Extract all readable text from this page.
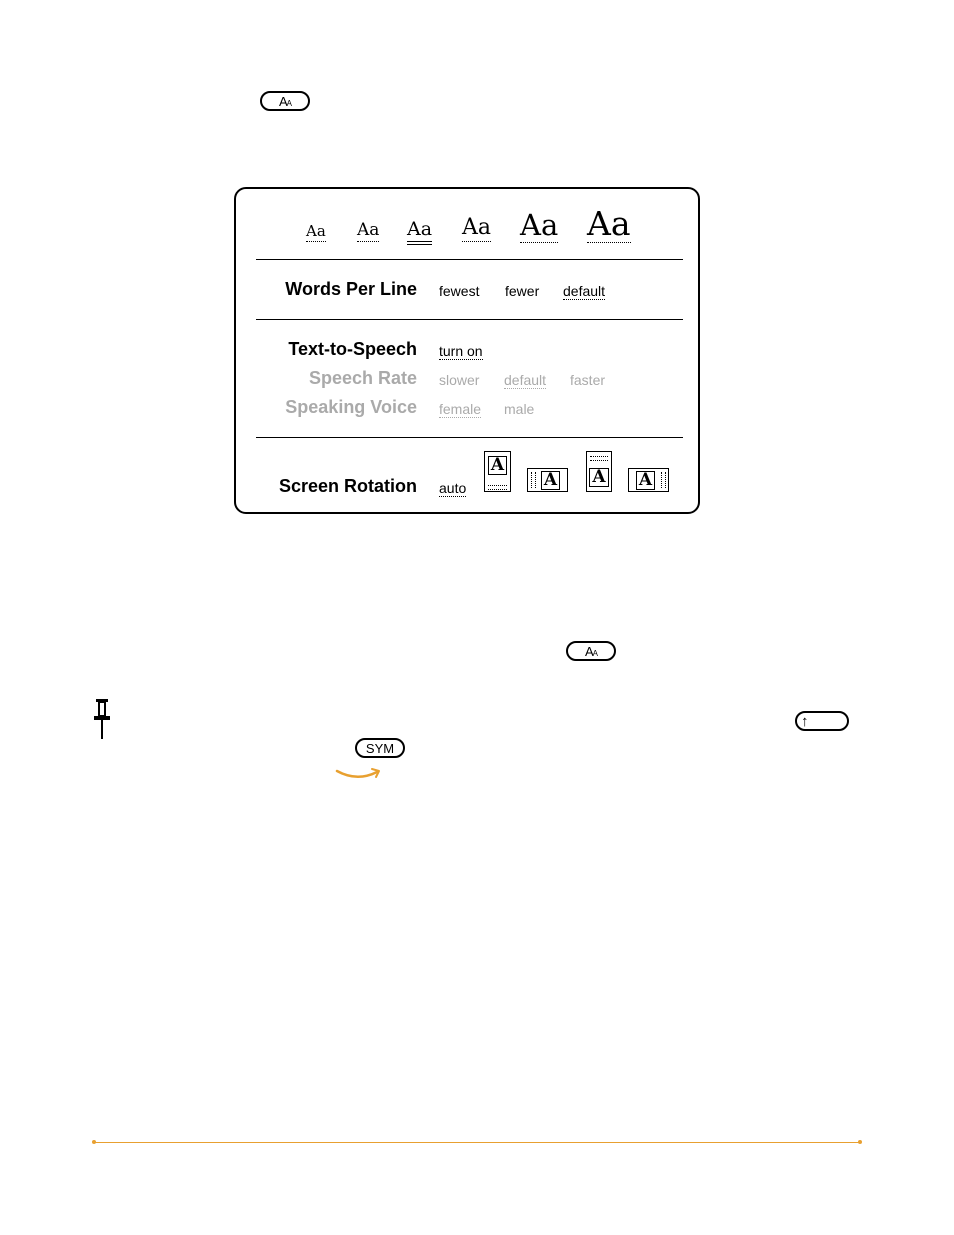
AA
Aa Aa Aa Aa Aa Aa
Words Per Line fewest fewer default
Text-to-Speech turn on
Speech Rate slower default faster
Speaking Voice female male
Screen Rotation auto
A
A A A
AA
↑
SYM
